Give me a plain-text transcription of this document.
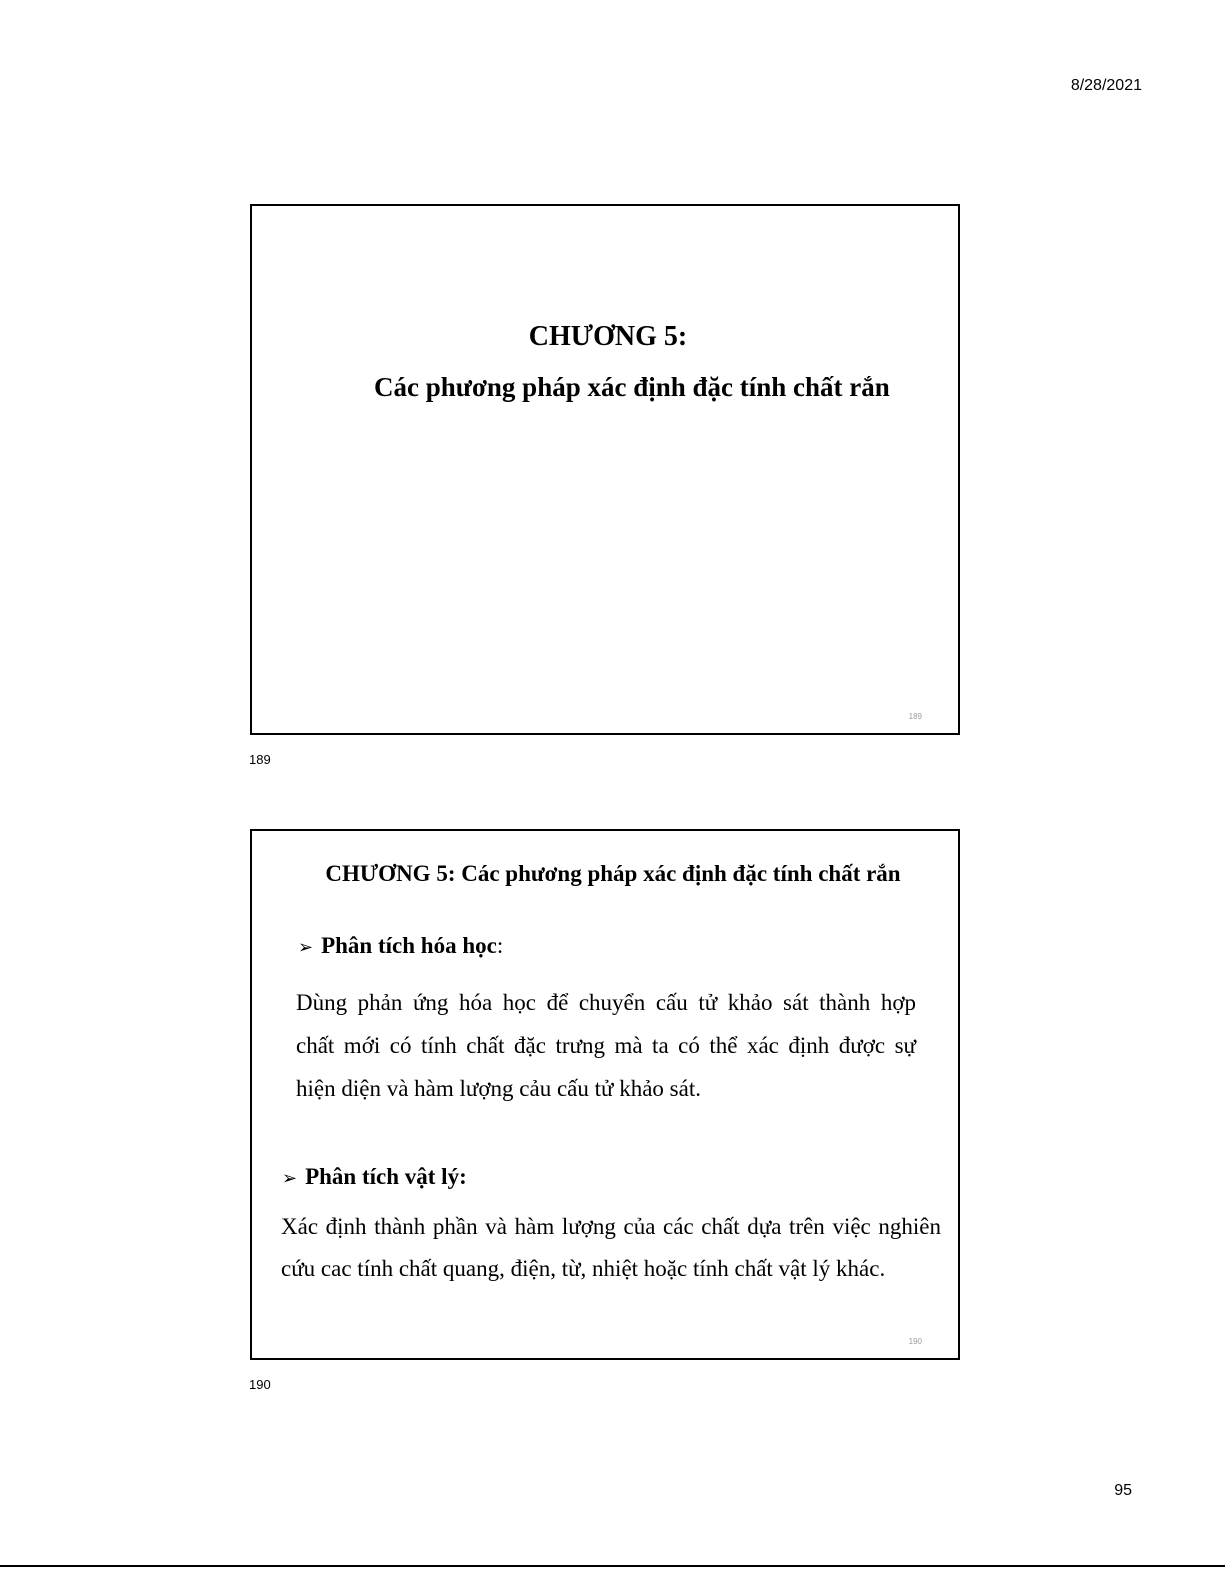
8/28/2021
CHƯƠNG 5:
Các phương pháp xác định đặc tính chất rắn
189
189
CHƯƠNG 5: Các phương pháp xác định đặc tính chất rắn
➢ Phân tích hóa học:
Dùng phản ứng hóa học để chuyển cấu tử khảo sát thành hợp
chất mới có tính chất đặc trưng mà ta có thể xác định được sự
hiện diện và hàm lượng cảu cấu tử khảo sát.
➢ Phân tích vật lý:
Xác định thành phần và hàm lượng của các chất dựa trên việc nghiên
cứu cac tính chất quang, điện, từ, nhiệt hoặc tính chất vật lý khác.
190
190
95
